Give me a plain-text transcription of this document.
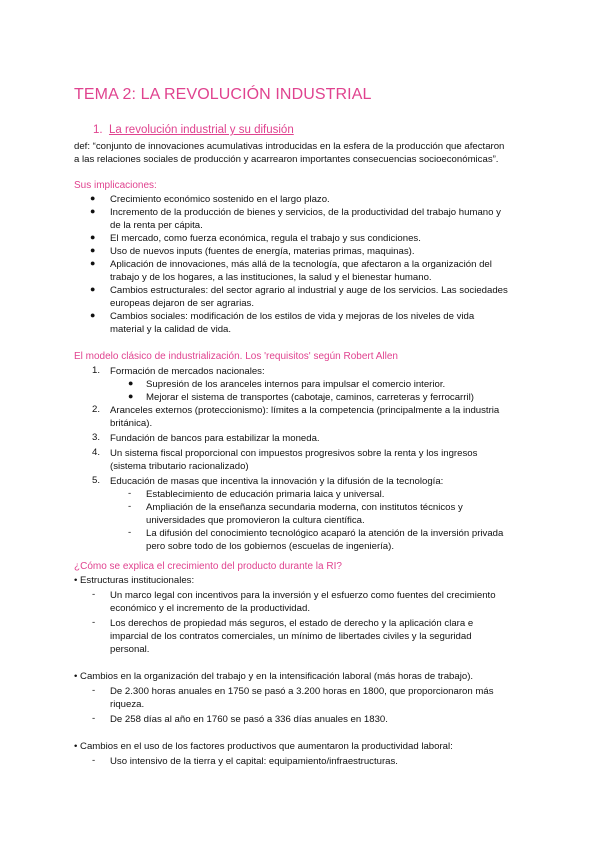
TEMA 2: LA REVOLUCIÓN INDUSTRIAL
1. La revolución industrial y su difusión
def: “conjunto de innovaciones acumulativas introducidas en la esfera de la producción que afectaron
a las relaciones sociales de producción y acarrearon importantes consecuencias socioeconómicas”.
Sus implicaciones:
● Crecimiento económico sostenido en el largo plazo.
● Incremento de la producción de bienes y servicios, de la productividad del trabajo humano y
de la renta per cápita.
● El mercado, como fuerza económica, regula el trabajo y sus condiciones.
● Uso de nuevos inputs (fuentes de energía, materias primas, maquinas).
● Aplicación de innovaciones, más allá de la tecnología, que afectaron a la organización del
trabajo y de los hogares, a las instituciones, la salud y el bienestar humano.
● Cambios estructurales: del sector agrario al industrial y auge de los servicios. Las sociedades
europeas dejaron de ser agrarias.
● Cambios sociales: modificación de los estilos de vida y mejoras de los niveles de vida
material y la calidad de vida.
El modelo clásico de industrialización. Los 'requisitos' según Robert Allen
1. Formación de mercados nacionales:
● Supresión de los aranceles internos para impulsar el comercio interior.
● Mejorar el sistema de transportes (cabotaje, caminos, carreteras y ferrocarril)
2. Aranceles externos (proteccionismo): límites a la competencia (principalmente a la industria
británica).
3. Fundación de bancos para estabilizar la moneda.
4. Un sistema fiscal proporcional con impuestos progresivos sobre la renta y los ingresos
(sistema tributario racionalizado)
5. Educación de masas que incentiva la innovación y la difusión de la tecnología:
- Establecimiento de educación primaria laica y universal.
- Ampliación de la enseñanza secundaria moderna, con institutos técnicos y
universidades que promovieron la cultura científica.
- La difusión del conocimiento tecnológico acaparó la atención de la inversión privada
pero sobre todo de los gobiernos (escuelas de ingeniería).
¿Cómo se explica el crecimiento del producto durante la RI?
• Estructuras institucionales:
- Un marco legal con incentivos para la inversión y el esfuerzo como fuentes del crecimiento
económico y el incremento de la productividad.
- Los derechos de propiedad más seguros, el estado de derecho y la aplicación clara e
imparcial de los contratos comerciales, un mínimo de libertades civiles y la seguridad
personal.
• Cambios en la organización del trabajo y en la intensificación laboral (más horas de trabajo).
- De 2.300 horas anuales en 1750 se pasó a 3.200 horas en 1800, que proporcionaron más
riqueza.
- De 258 días al año en 1760 se pasó a 336 días anuales en 1830.
• Cambios en el uso de los factores productivos que aumentaron la productividad laboral:
- Uso intensivo de la tierra y el capital: equipamiento/infraestructuras.
